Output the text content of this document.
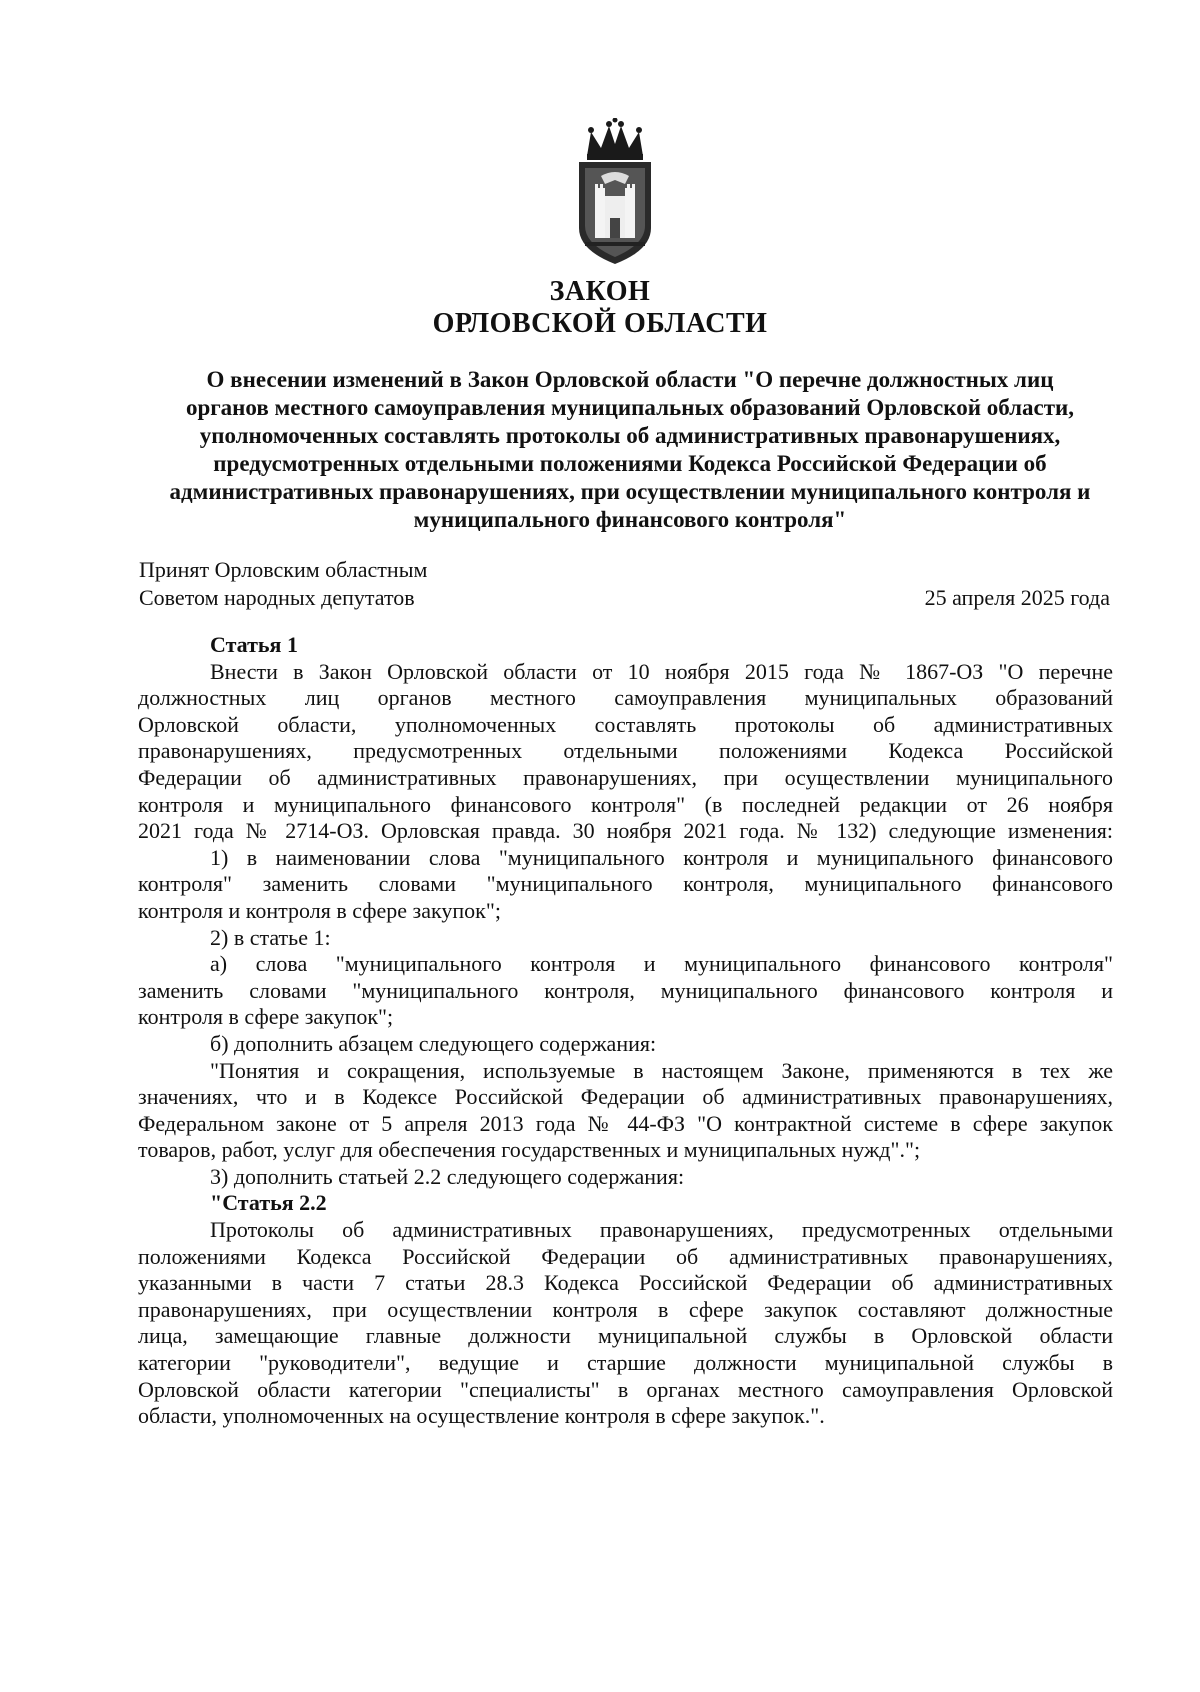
ЗАКОН
ОРЛОВСКОЙ ОБЛАСТИ
О внесении изменений в Закон Орловской области "О перечне должностных лиц
органов местного самоуправления муниципальных образований Орловской области,
уполномоченных составлять протоколы об административных правонарушениях,
предусмотренных отдельными положениями Кодекса Российской Федерации об
административных правонарушениях, при осуществлении муниципального контроля и
муниципального финансового контроля"
Принят Орловским областным
Советом народных депутатов	25 апреля 2025 года
Статья 1
Внести в Закон Орловской области от 10 ноября 2015 года № 1867-ОЗ "О перечне
должностных лиц органов местного самоуправления муниципальных образований
Орловской области, уполномоченных составлять протоколы об административных
правонарушениях, предусмотренных отдельными положениями Кодекса Российской
Федерации об административных правонарушениях, при осуществлении муниципального
контроля и муниципального финансового контроля" (в последней редакции от 26 ноября
2021 года № 2714-ОЗ. Орловская правда. 30 ноября 2021 года. № 132) следующие изменения:
1) в наименовании слова "муниципального контроля и муниципального финансового
контроля" заменить словами "муниципального контроля, муниципального финансового
контроля и контроля в сфере закупок";
2) в статье 1:
а) слова "муниципального контроля и муниципального финансового контроля"
заменить словами "муниципального контроля, муниципального финансового контроля и
контроля в сфере закупок";
б) дополнить абзацем следующего содержания:
"Понятия и сокращения, используемые в настоящем Законе, применяются в тех же
значениях, что и в Кодексе Российской Федерации об административных правонарушениях,
Федеральном законе от 5 апреля 2013 года № 44-ФЗ "О контрактной системе в сфере закупок
товаров, работ, услуг для обеспечения государственных и муниципальных нужд".";
3) дополнить статьей 2.2 следующего содержания:
"Статья 2.2
Протоколы об административных правонарушениях, предусмотренных отдельными
положениями Кодекса Российской Федерации об административных правонарушениях,
указанными в части 7 статьи 28.3 Кодекса Российской Федерации об административных
правонарушениях, при осуществлении контроля в сфере закупок составляют должностные
лица, замещающие главные должности муниципальной службы в Орловской области
категории "руководители", ведущие и старшие должности муниципальной службы в
Орловской области категории "специалисты" в органах местного самоуправления Орловской
области, уполномоченных на осуществление контроля в сфере закупок.".
